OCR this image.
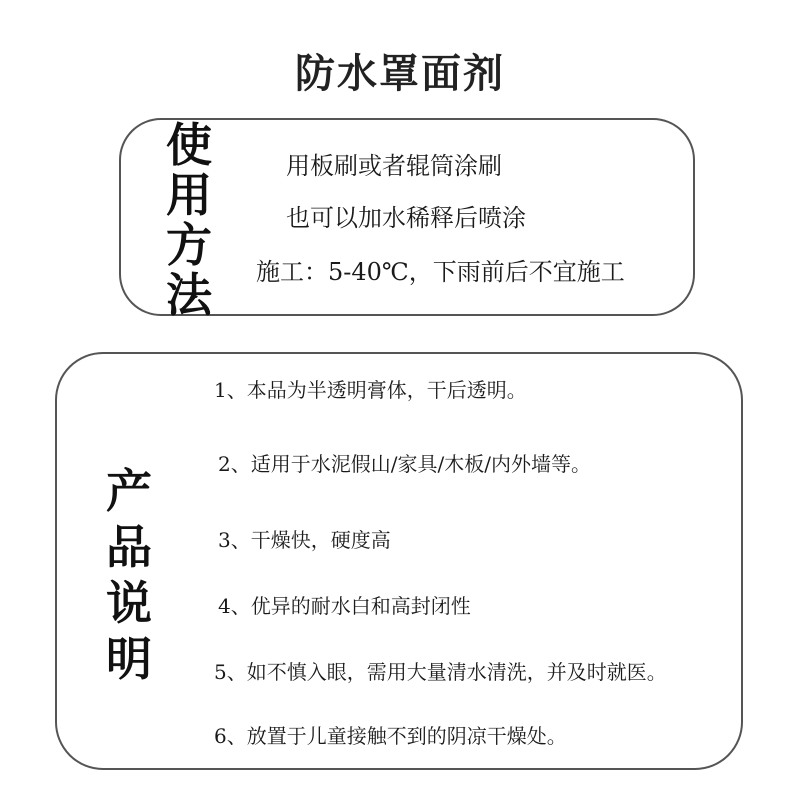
防水罩面剂
使
用
方
法
用板刷或者辊筒涂刷
也可以加水稀释后喷涂
施工：5-40℃，下雨前后不宜施工
产
品
说
明
1、本品为半透明膏体，干后透明。
2、适用于水泥假山/家具/木板/内外墙等。
3、干燥快，硬度高
4、优异的耐水白和高封闭性
5、如不慎入眼，需用大量清水清洗，并及时就医。
6、放置于儿童接触不到的阴凉干燥处。
